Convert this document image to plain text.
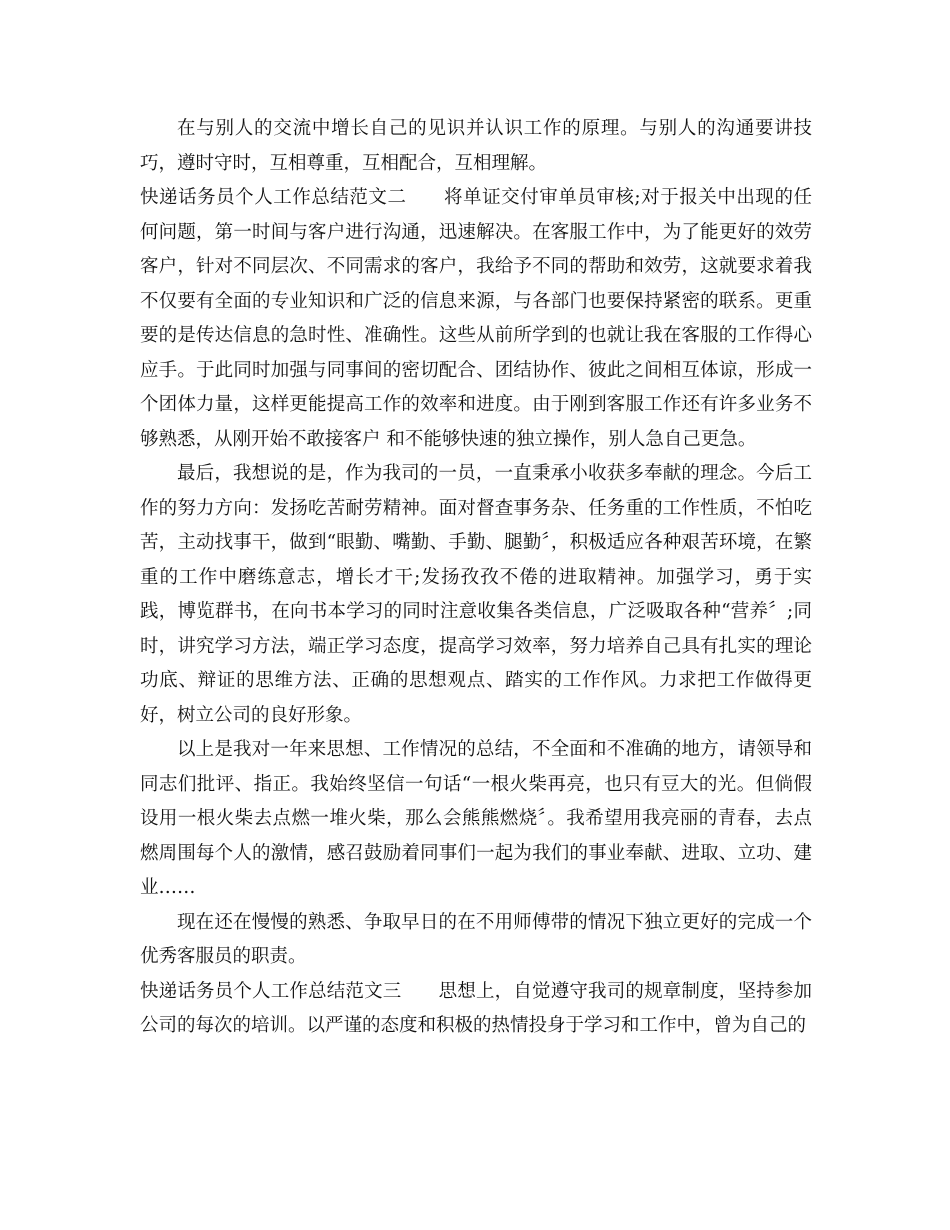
在与别人的交流中增长自己的见识并认识工作的原理。与别人的沟通要讲技巧，遵时守时，互相尊重，互相配合，互相理解。

快递话务员个人工作总结范文二 将单证交付审单员审核;对于报关中出现的任何问题，第一时间与客户进行沟通，迅速解决。在客服工作中，为了能更好的效劳客户，针对不同层次、不同需求的客户，我给予不同的帮助和效劳，这就要求着我不仅要有全面的专业知识和广泛的信息来源，与各部门也要保持紧密的联系。更重要的是传达信息的急时性、准确性。这些从前所学到的也就让我在客服的工作得心应手。于此同时加强与同事间的密切配合、团结协作、彼此之间相互体谅，形成一个团体力量，这样更能提高工作的效率和进度。由于刚到客服工作还有许多业务不够熟悉，从刚开始不敢接客户 和不能够快速的独立操作，别人急自己更急。

最后，我想说的是，作为我司的一员，一直秉承小收获多奉献的理念。今后工作的努力方向：发扬吃苦耐劳精神。面对督查事务杂、任务重的工作性质，不怕吃苦，主动找事干，做到“眼勤、嘴勤、手勤、腿勤〞，积极适应各种艰苦环境，在繁重的工作中磨练意志，增长才干;发扬孜孜不倦的进取精神。加强学习，勇于实践，博览群书，在向书本学习的同时注意收集各类信息，广泛吸取各种“营养〞;同时，讲究学习方法，端正学习态度，提高学习效率，努力培养自己具有扎实的理论功底、辩证的思维方法、正确的思想观点、踏实的工作作风。力求把工作做得更好，树立公司的良好形象。

以上是我对一年来思想、工作情况的总结，不全面和不准确的地方，请领导和同志们批评、指正。我始终坚信一句话“一根火柴再亮，也只有豆大的光。但倘假设用一根火柴去点燃一堆火柴，那么会熊熊燃烧〞。我希望用我亮丽的青春，去点燃周围每个人的激情，感召鼓励着同事们一起为我们的事业奉献、进取、立功、建业……

现在还在慢慢的熟悉、争取早日的在不用师傅带的情况下独立更好的完成一个优秀客服员的职责。

快递话务员个人工作总结范文三 思想上，自觉遵守我司的规章制度，坚持参加公司的每次的培训。以严谨的态度和积极的热情投身于学习和工作中，曾为自己的
